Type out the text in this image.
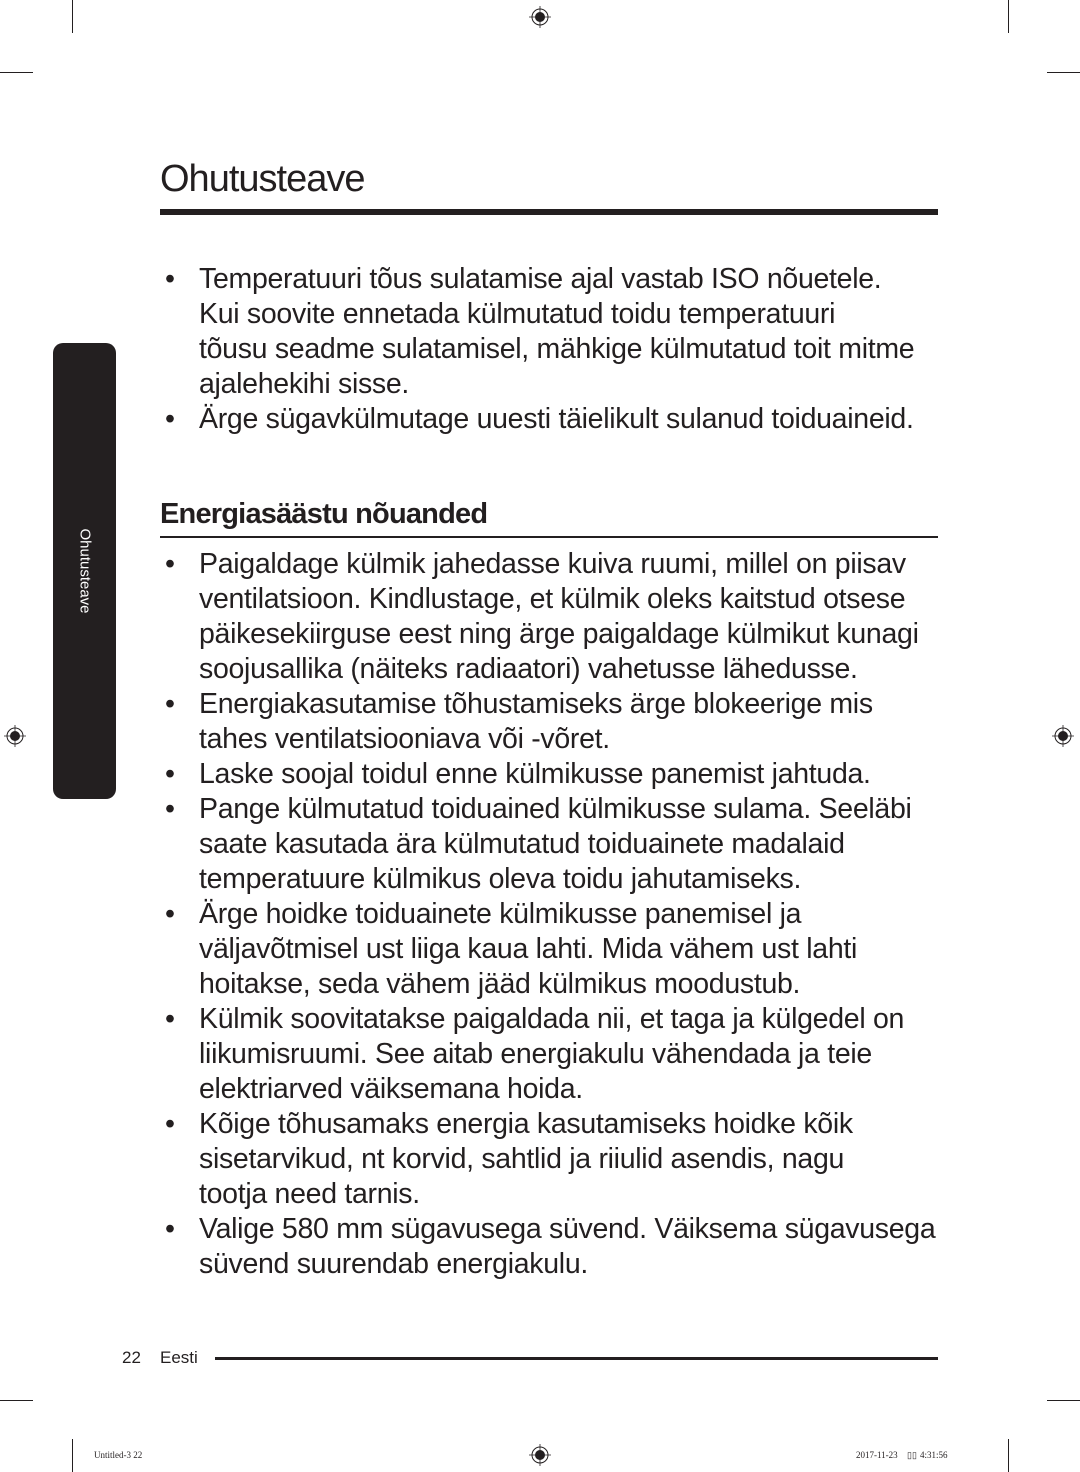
Ohutusteave
Ohutusteave
• Temperatuuri tõus sulatamise ajal vastab ISO nõuetele.
Kui soovite ennetada külmutatud toidu temperatuuri
tõusu seadme sulatamisel, mähkige külmutatud toit mitme
ajalehekihi sisse.
• Ärge sügavkülmutage uuesti täielikult sulanud toiduaineid.
Energiasäästu nõuanded
• Paigaldage külmik jahedasse kuiva ruumi, millel on piisav
ventilatsioon. Kindlustage, et külmik oleks kaitstud otsese
päikesekiirguse eest ning ärge paigaldage külmikut kunagi
soojusallika (näiteks radiaatori) vahetusse lähedusse.
• Energiakasutamise tõhustamiseks ärge blokeerige mis
tahes ventilatsiooniava või -võret.
• Laske soojal toidul enne külmikusse panemist jahtuda.
• Pange külmutatud toiduained külmikusse sulama. Seeläbi
saate kasutada ära külmutatud toiduainete madalaid
temperatuure külmikus oleva toidu jahutamiseks.
• Ärge hoidke toiduainete külmikusse panemisel ja
väljavõtmisel ust liiga kaua lahti. Mida vähem ust lahti
hoitakse, seda vähem jääd külmikus moodustub.
• Külmik soovitatakse paigaldada nii, et taga ja külgedel on
liikumisruumi. See aitab energiakulu vähendada ja teie
elektriarved väiksemana hoida.
• Kõige tõhusamaks energia kasutamiseks hoidke kõik
sisetarvikud, nt korvid, sahtlid ja riiulid asendis, nagu
tootja need tarnis.
• Valige 580 mm sügavusega süvend. Väiksema sügavusega
süvend suurendab energiakulu.
22 Eesti
Untitled-3 22	2017-11-23 ▯▯ 4:31:56
